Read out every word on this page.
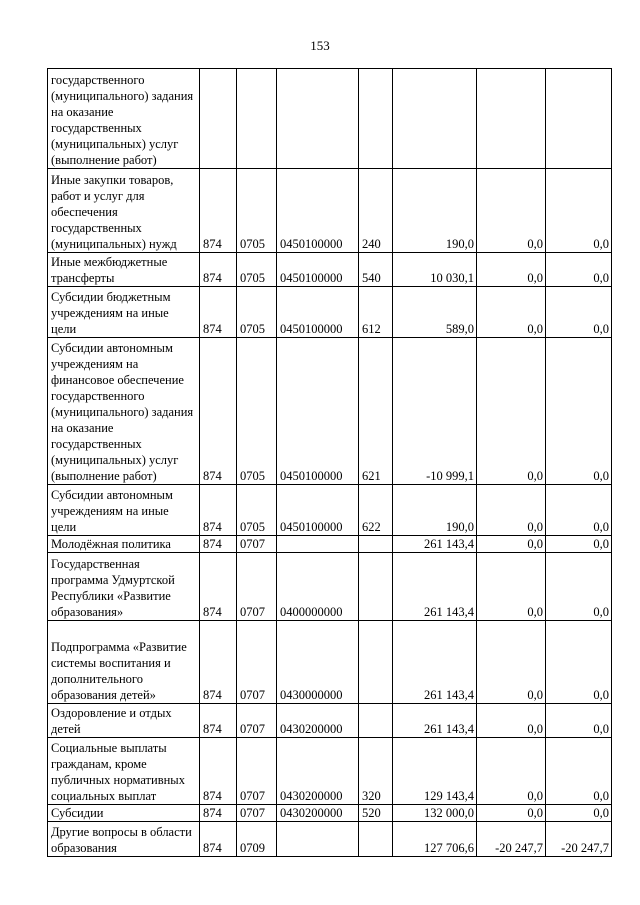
153
государственного (муниципального) задания на оказание государственных (муниципальных) услуг (выполнение работ)							
Иные закупки товаров, работ и услуг для обеспечения государственных (муниципальных) нужд	874	0705	0450100000	240	190,0	0,0	0,0
Иные межбюджетные трансферты	874	0705	0450100000	540	10 030,1	0,0	0,0
Субсидии бюджетным учреждениям на иные цели	874	0705	0450100000	612	589,0	0,0	0,0
Субсидии автономным учреждениям на финансовое обеспечение государственного (муниципального) задания на оказание государственных (муниципальных) услуг (выполнение работ)	874	0705	0450100000	621	-10 999,1	0,0	0,0
Субсидии автономным учреждениям на иные цели	874	0705	0450100000	622	190,0	0,0	0,0
Молодёжная политика	874	0707			261 143,4	0,0	0,0
Государственная программа Удмуртской Республики «Развитие образования»	874	0707	0400000000		261 143,4	0,0	0,0
Подпрограмма «Развитие системы воспитания и дополнительного образования детей»	874	0707	0430000000		261 143,4	0,0	0,0
Оздоровление и отдых детей	874	0707	0430200000		261 143,4	0,0	0,0
Социальные выплаты гражданам, кроме публичных нормативных социальных выплат	874	0707	0430200000	320	129 143,4	0,0	0,0
Субсидии	874	0707	0430200000	520	132 000,0	0,0	0,0
Другие вопросы в области образования	874	0709			127 706,6	-20 247,7	-20 247,7
